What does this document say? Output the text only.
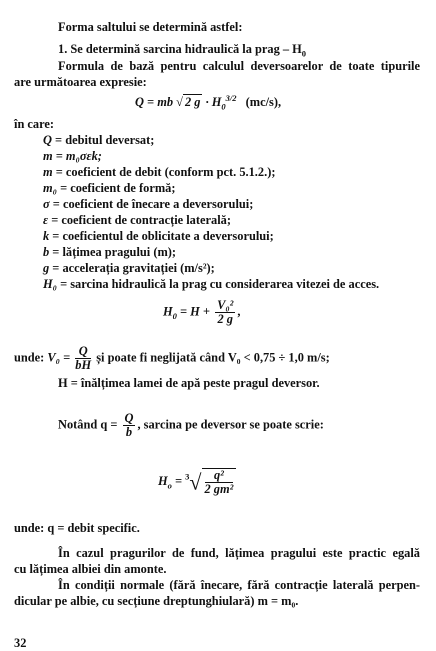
Forma saltului se determină astfel:
1. Se determină sarcina hidraulică la prag – $H_0$
Formula de bază pentru calculul deversoarelor de toate tipurile
are următoarea expresie:
Q = mb √ 2 $g \cdot H_0^{3/2}$ (mc/s),
în care:
Q = debitul deversat;
m = m₀σεk;
m = coeficient de debit (conform pct. 5.1.2.);
m₀ = coeficient de formă;
σ = coeficient de înecare a deversorului;
ε = coeficient de contracție laterală;
k = coeficientul de oblicitate a deversorului;
b = lățimea pragului (m);
g = accelerația gravitației (m/s²);
H₀ = sarcina hidraulică la prag cu considerarea vitezei de acces.
$H_0 = H + \frac{\text{V₀²}}{2 g}$ ,
unde: $V_0 = \frac{Q}{bH}$ și poate fi neglijată când V₀ < 0,75 ÷ 1,0 m/s;
H = înălțimea lamei de apă peste pragul deversor.
Notând $q = \frac{Q}{b}$ , sarcina pe deversor se poate scrie:
$H_o = ^3√ \frac{\text{q²}}{\text{2 gm²}}$
unde: q = debit specific.
În cazul pragurilor de fund, lățimea pragului este practic egală
cu lățimea albiei din amonte.
În condiții normale (fără înecare, fără contracție laterală perpen-
dicular pe albie, cu secțiune dreptunghiulară) m = m₀.
32
